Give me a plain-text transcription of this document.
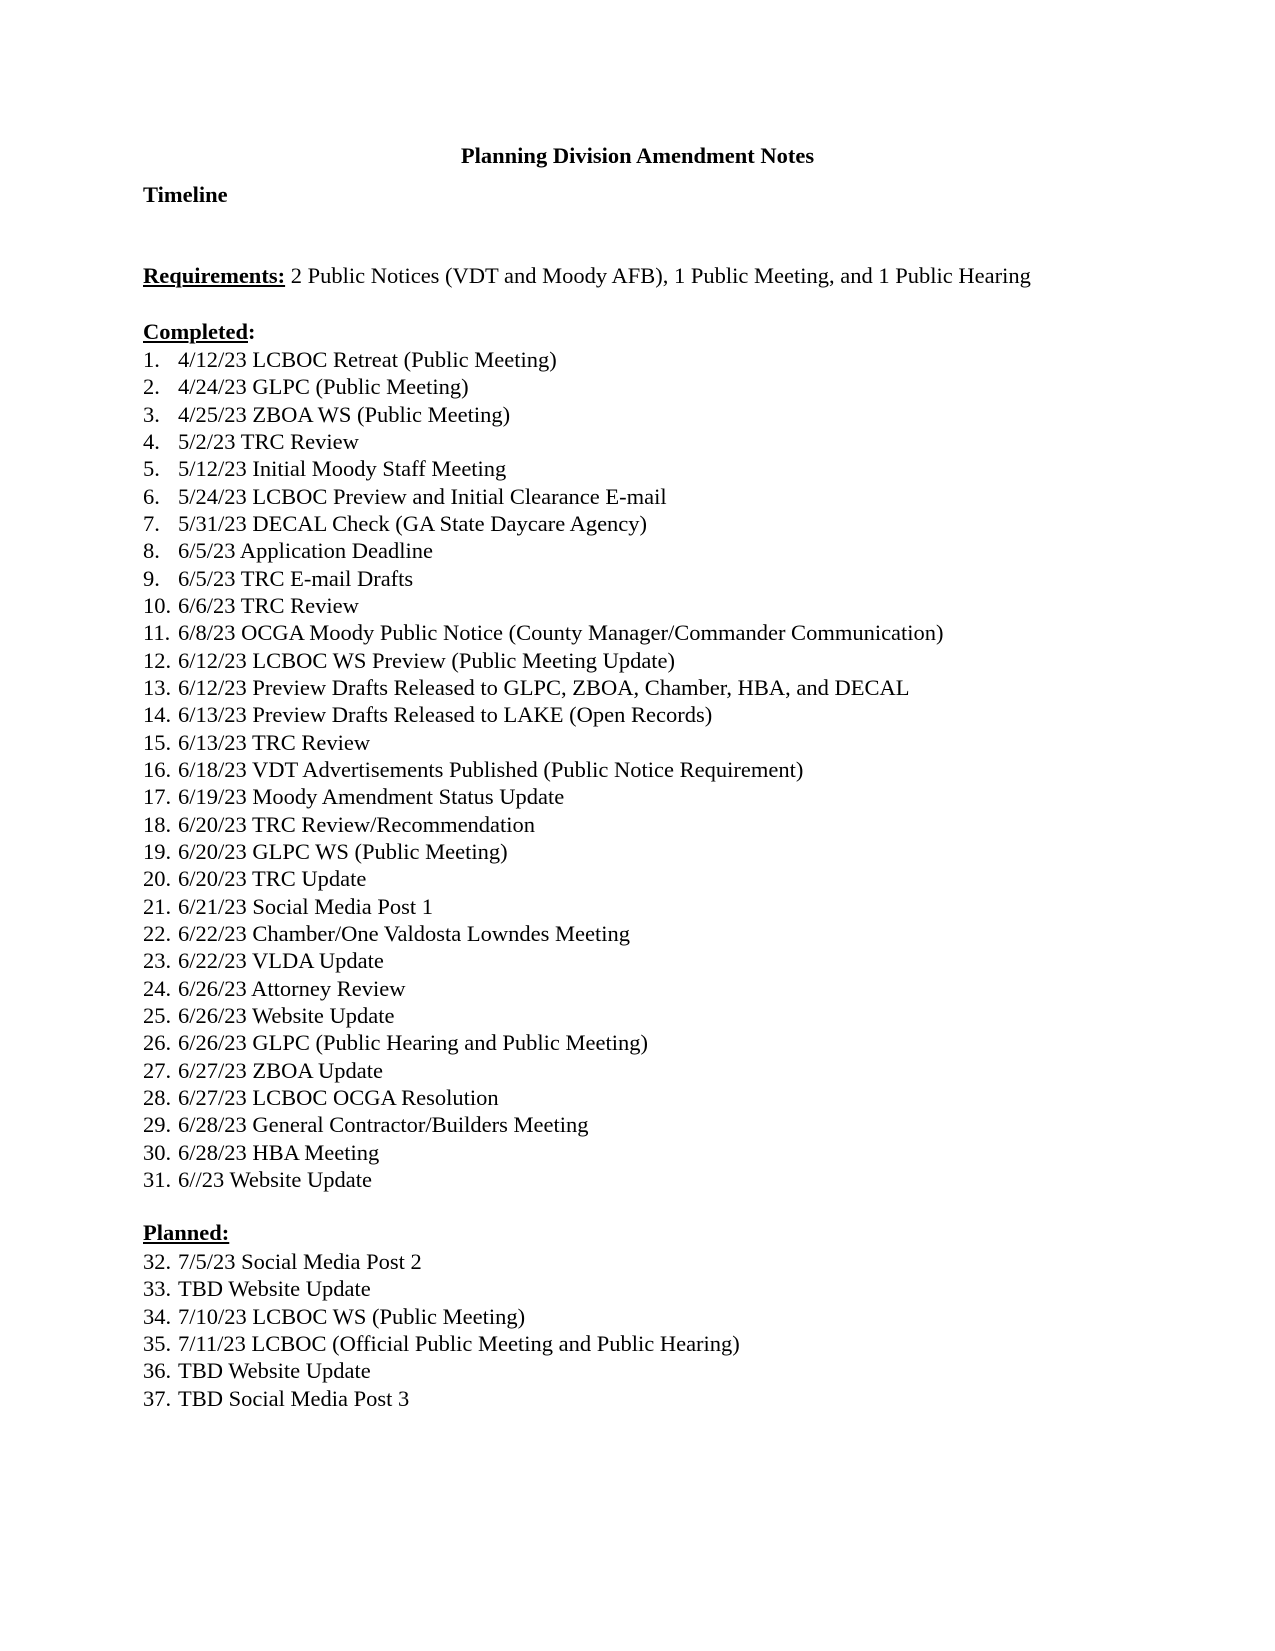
Planning Division Amendment Notes
Timeline
Requirements: 2 Public Notices (VDT and Moody AFB), 1 Public Meeting, and 1 Public Hearing
Completed:
1. 4/12/23 LCBOC Retreat (Public Meeting)
2. 4/24/23 GLPC (Public Meeting)
3. 4/25/23 ZBOA WS (Public Meeting)
4. 5/2/23 TRC Review
5. 5/12/23 Initial Moody Staff Meeting
6. 5/24/23 LCBOC Preview and Initial Clearance E-mail
7. 5/31/23 DECAL Check (GA State Daycare Agency)
8. 6/5/23 Application Deadline
9. 6/5/23 TRC E-mail Drafts
10. 6/6/23 TRC Review
11. 6/8/23 OCGA Moody Public Notice (County Manager/Commander Communication)
12. 6/12/23 LCBOC WS Preview (Public Meeting Update)
13. 6/12/23 Preview Drafts Released to GLPC, ZBOA, Chamber, HBA, and DECAL
14. 6/13/23 Preview Drafts Released to LAKE (Open Records)
15. 6/13/23 TRC Review
16. 6/18/23 VDT Advertisements Published (Public Notice Requirement)
17. 6/19/23 Moody Amendment Status Update
18. 6/20/23 TRC Review/Recommendation
19. 6/20/23 GLPC WS (Public Meeting)
20. 6/20/23 TRC Update
21. 6/21/23 Social Media Post 1
22. 6/22/23 Chamber/One Valdosta Lowndes Meeting
23. 6/22/23 VLDA Update
24. 6/26/23 Attorney Review
25. 6/26/23 Website Update
26. 6/26/23 GLPC (Public Hearing and Public Meeting)
27. 6/27/23 ZBOA Update
28. 6/27/23 LCBOC OCGA Resolution
29. 6/28/23 General Contractor/Builders Meeting
30. 6/28/23 HBA Meeting
31. 6//23 Website Update
Planned:
32. 7/5/23 Social Media Post 2
33. TBD Website Update
34. 7/10/23 LCBOC WS (Public Meeting)
35. 7/11/23 LCBOC (Official Public Meeting and Public Hearing)
36. TBD Website Update
37. TBD Social Media Post 3
